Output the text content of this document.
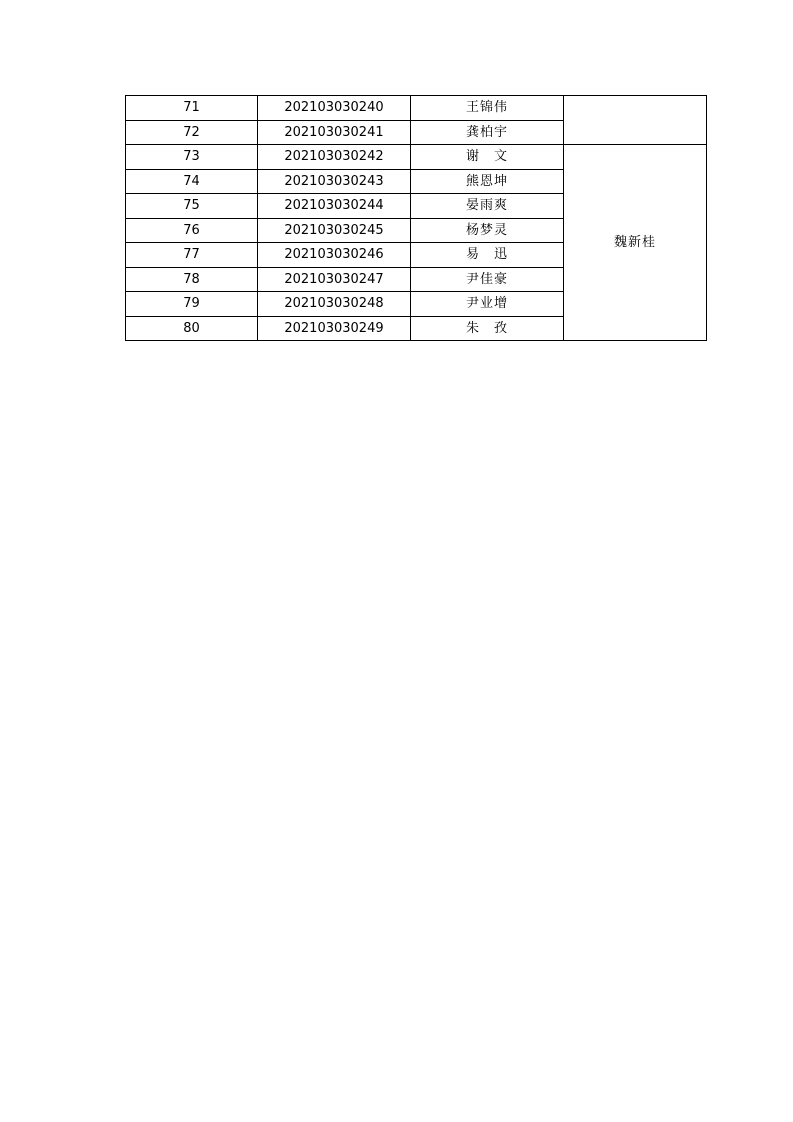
71	202103030240	王锦伟	
72	202103030241	龚柏宇	
73	202103030242	谢　文	魏新桂
74	202103030243	熊恩坤	
75	202103030244	晏雨爽	
76	202103030245	杨梦灵	
77	202103030246	易　迅	
78	202103030247	尹佳豪	
79	202103030248	尹业增	
80	202103030249	朱　孜	
